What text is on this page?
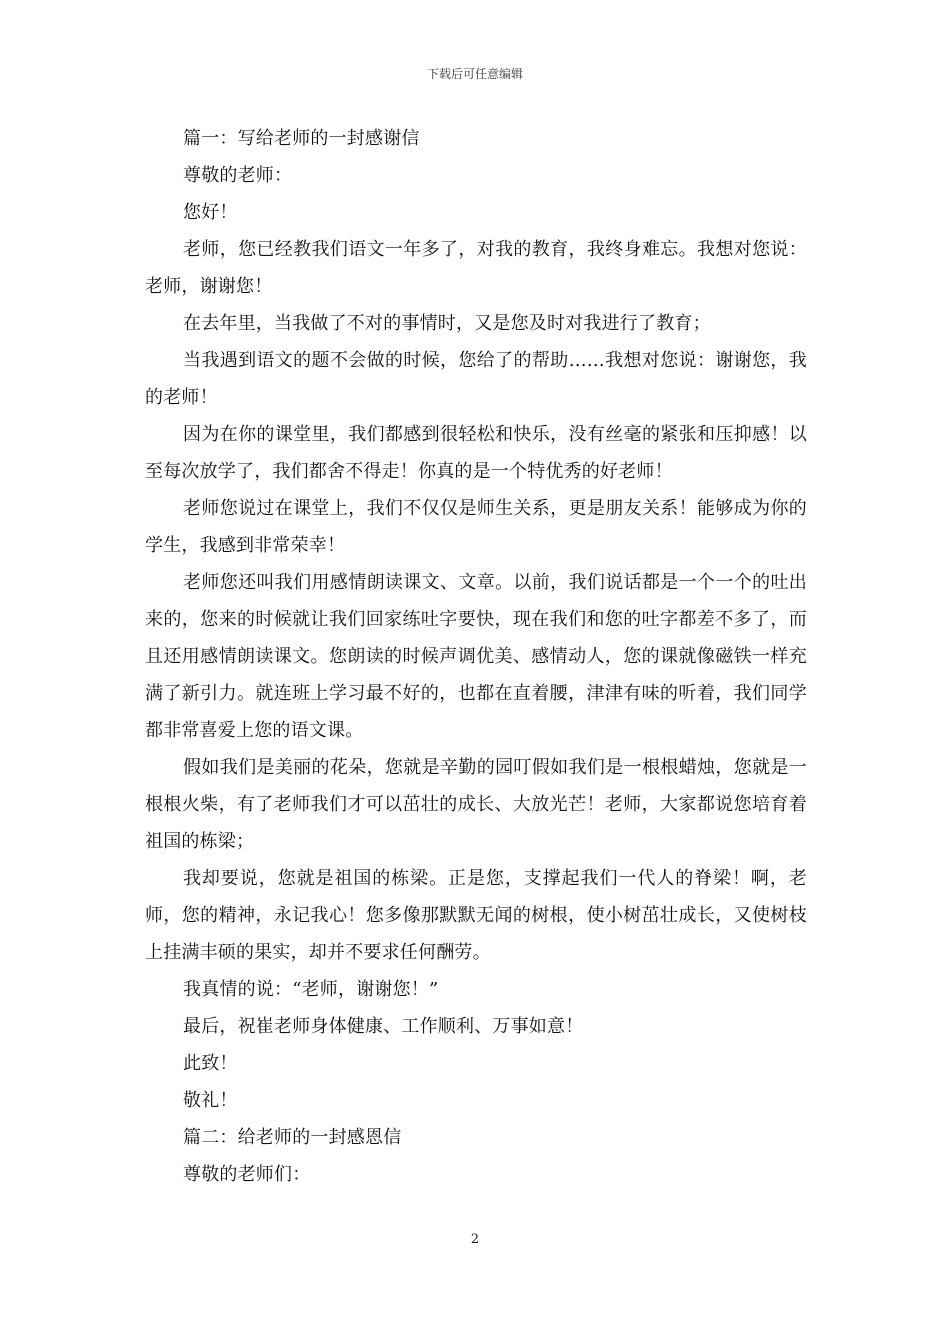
下载后可任意编辑

篇一：写给老师的一封感谢信

尊敬的老师：

您好！

老师，您已经教我们语文一年多了，对我的教育，我终身难忘。我想对您说：老师，谢谢您！

在去年里，当我做了不对的事情时，又是您及时对我进行了教育；

当我遇到语文的题不会做的时候，您给了的帮助……我想对您说：谢谢您，我的老师！

因为在你的课堂里，我们都感到很轻松和快乐，没有丝毫的紧张和压抑感！以至每次放学了，我们都舍不得走！你真的是一个特优秀的好老师！

老师您说过在课堂上，我们不仅仅是师生关系，更是朋友关系！能够成为你的学生，我感到非常荣幸！

老师您还叫我们用感情朗读课文、文章。以前，我们说话都是一个一个的吐出来的，您来的时候就让我们回家练吐字要快，现在我们和您的吐字都差不多了，而且还用感情朗读课文。您朗读的时候声调优美、感情动人，您的课就像磁铁一样充满了新引力。就连班上学习最不好的，也都在直着腰，津津有味的听着，我们同学都非常喜爱上您的语文课。

假如我们是美丽的花朵，您就是辛勤的园叮假如我们是一根根蜡烛，您就是一根根火柴，有了老师我们才可以茁壮的成长、大放光芒！老师，大家都说您培育着祖国的栋梁；

我却要说，您就是祖国的栋梁。正是您，支撑起我们一代人的脊梁！啊，老师，您的精神，永记我心！您多像那默默无闻的树根，使小树茁壮成长，又使树枝上挂满丰硕的果实，却并不要求任何酬劳。

我真情的说：“老师，谢谢您！”

最后，祝崔老师身体健康、工作顺利、万事如意！

此致！

敬礼！

篇二：给老师的一封感恩信

尊敬的老师们：

2
